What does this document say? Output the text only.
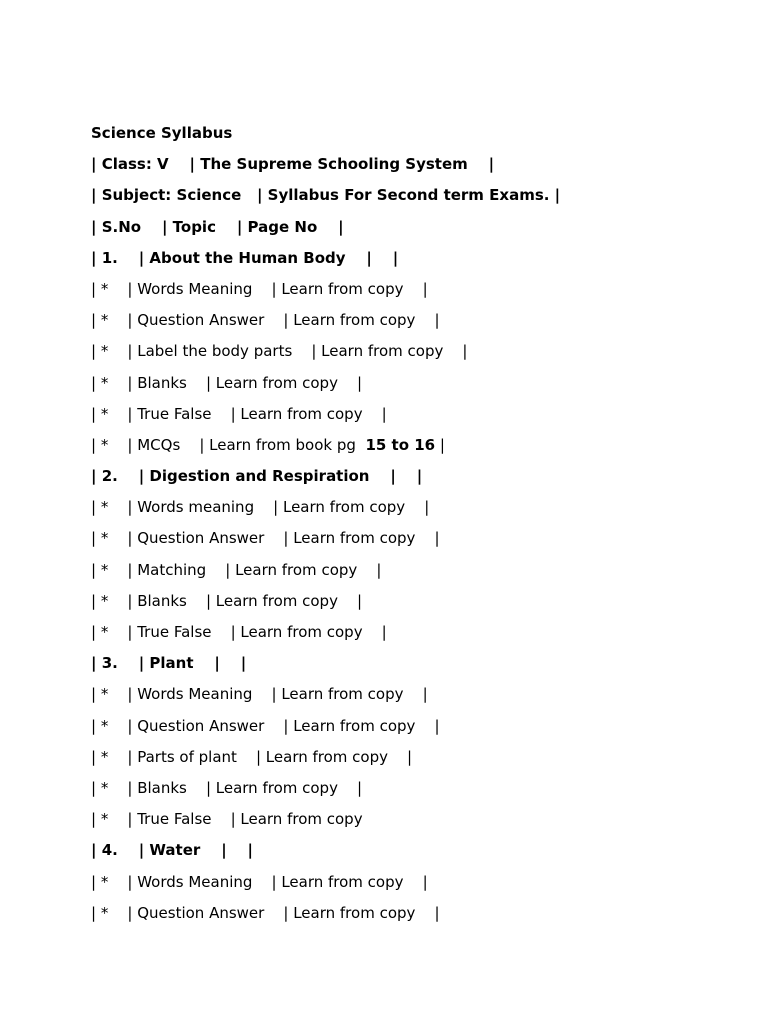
Science Syllabus
| Class: V    | The Supreme Schooling System    |
| Subject: Science   | Syllabus For Second term Exams. |
| S.No    | Topic    | Page No    |
| 1.    | About the Human Body    |    |
| *    | Words Meaning    | Learn from copy    |
| *    | Question Answer    | Learn from copy    |
| *    | Label the body parts    | Learn from copy    |
| *    | Blanks    | Learn from copy    |
| *    | True False    | Learn from copy    |
| *    | MCQs    | Learn from book pg  15 to 16 |
| 2.    | Digestion and Respiration    |    |
| *    | Words meaning    | Learn from copy    |
| *    | Question Answer    | Learn from copy    |
| *    | Matching    | Learn from copy    |
| *    | Blanks    | Learn from copy    |
| *    | True False    | Learn from copy    |
| 3.    | Plant    |    |
| *    | Words Meaning    | Learn from copy    |
| *    | Question Answer    | Learn from copy    |
| *    | Parts of plant    | Learn from copy    |
| *    | Blanks    | Learn from copy    |
| *    | True False    | Learn from copy
| 4.    | Water    |    |
| *    | Words Meaning    | Learn from copy    |
| *    | Question Answer    | Learn from copy    |
